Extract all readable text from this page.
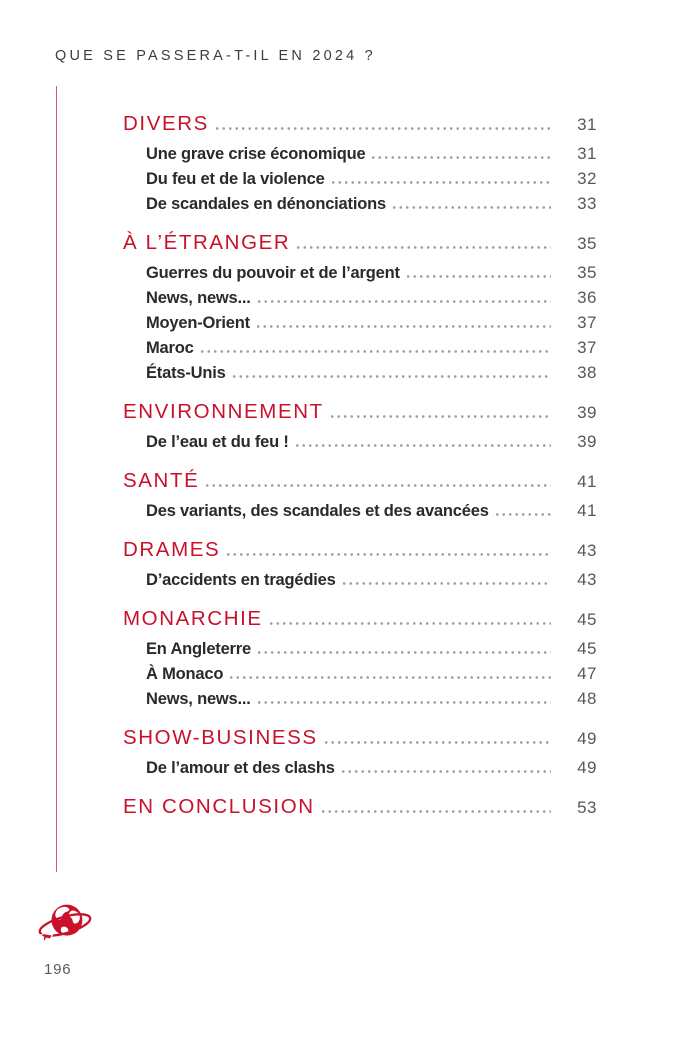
QUE SE PASSERA-T-IL EN 2024 ?
DIVERS	31
Une grave crise économique	31
Du feu et de la violence	32
De scandales en dénonciations	33
À L’ÉTRANGER	35
Guerres du pouvoir et de l’argent	35
News, news...	36
Moyen-Orient	37
Maroc	37
États-Unis	38
ENVIRONNEMENT	39
De l’eau et du feu !	39
SANTÉ	41
Des variants, des scandales et des avancées	41
DRAMES	43
D’accidents en tragédies	43
MONARCHIE	45
En Angleterre	45
À Monaco	47
News, news...	48
SHOW-BUSINESS	49
De l’amour et des clashs	49
EN CONCLUSION	53
196
